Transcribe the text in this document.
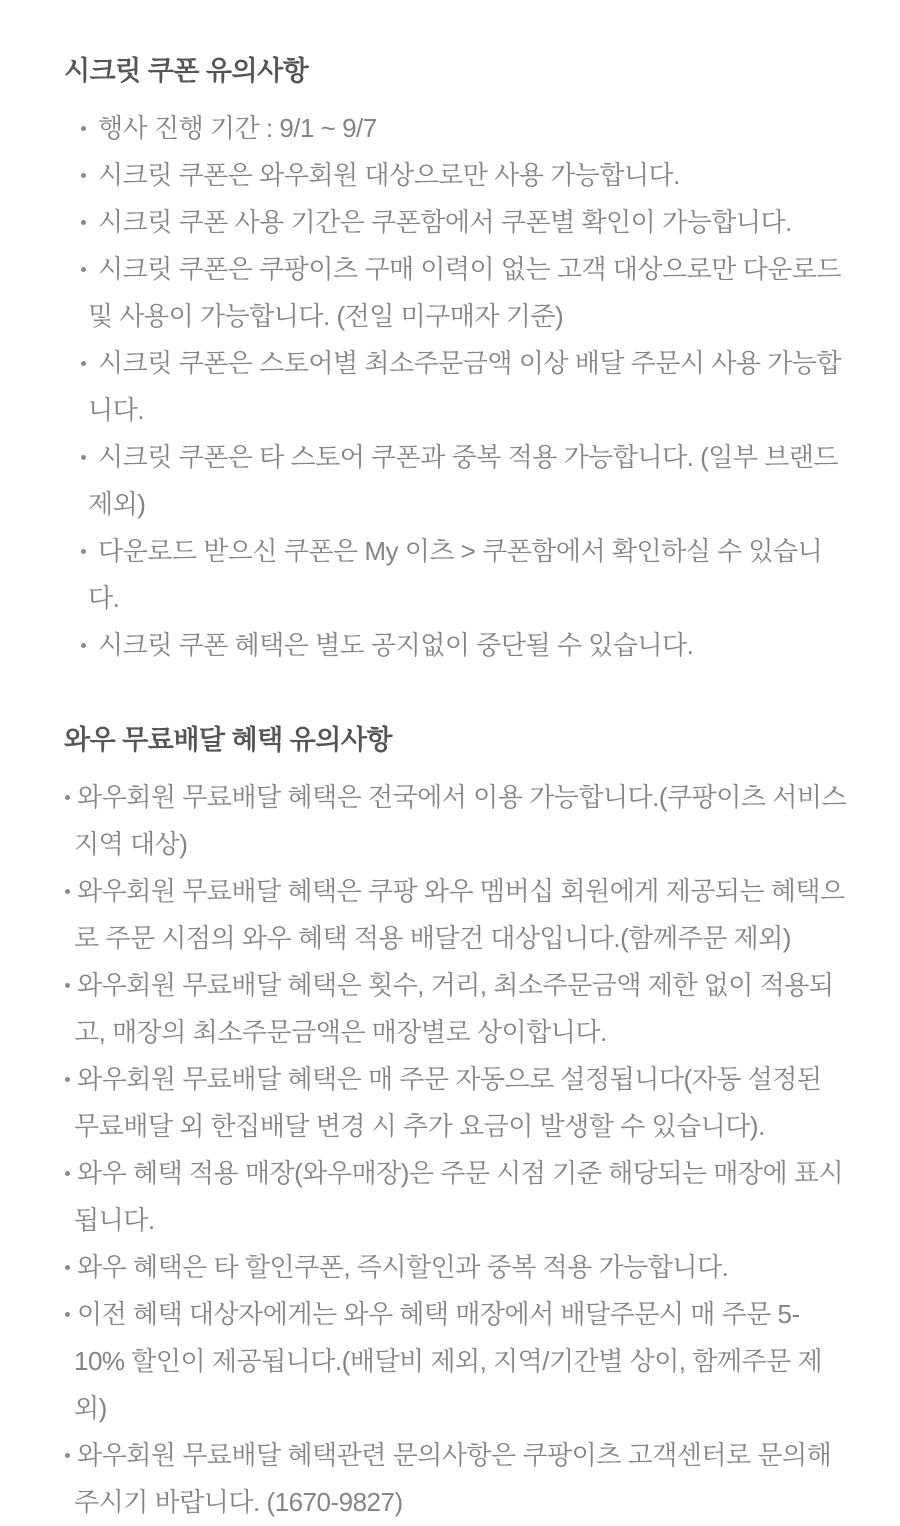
시크릿 쿠폰 유의사항
행사 진행 기간 : 9/1 ~ 9/7
시크릿 쿠폰은 와우회원 대상으로만 사용 가능합니다.
시크릿 쿠폰 사용 기간은 쿠폰함에서 쿠폰별 확인이 가능합니다.
시크릿 쿠폰은 쿠팡이츠 구매 이력이 없는 고객 대상으로만 다운로드 및 사용이 가능합니다. (전일 미구매자 기준)
시크릿 쿠폰은 스토어별 최소주문금액 이상 배달 주문시 사용 가능합니다.
시크릿 쿠폰은 타 스토어 쿠폰과 중복 적용 가능합니다. (일부 브랜드 제외)
다운로드 받으신 쿠폰은 My 이츠 > 쿠폰함에서 확인하실 수 있습니다.
시크릿 쿠폰 혜택은 별도 공지없이 중단될 수 있습니다.
와우 무료배달 혜택 유의사항
와우회원 무료배달 혜택은 전국에서 이용 가능합니다.(쿠팡이츠 서비스 지역 대상)
와우회원 무료배달 혜택은 쿠팡 와우 멤버십 회원에게 제공되는 혜택으로 주문 시점의 와우 혜택 적용 배달건 대상입니다.(함께주문 제외)
와우회원 무료배달 혜택은 횟수, 거리, 최소주문금액 제한 없이 적용되고, 매장의 최소주문금액은 매장별로 상이합니다.
와우회원 무료배달 혜택은 매 주문 자동으로 설정됩니다(자동 설정된 무료배달 외 한집배달 변경 시 추가 요금이 발생할 수 있습니다).
와우 혜택 적용 매장(와우매장)은 주문 시점 기준 해당되는 매장에 표시됩니다.
와우 혜택은 타 할인쿠폰, 즉시할인과 중복 적용 가능합니다.
이전 혜택 대상자에게는 와우 혜택 매장에서 배달주문시 매 주문 5-10% 할인이 제공됩니다.(배달비 제외, 지역/기간별 상이, 함께주문 제외)
와우회원 무료배달 혜택관련 문의사항은 쿠팡이츠 고객센터로 문의해주시기 바랍니다. (1670-9827)
